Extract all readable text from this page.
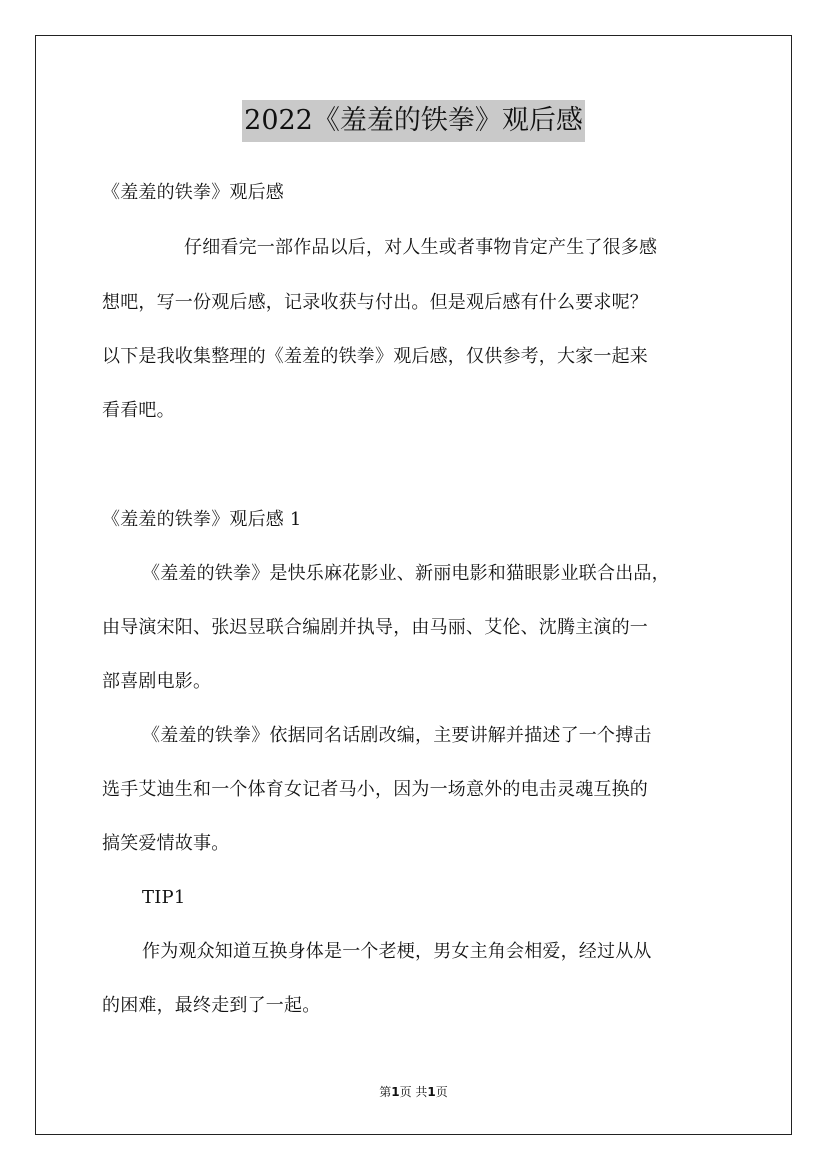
2022《羞羞的铁拳》观后感
《羞羞的铁拳》观后感
仔细看完一部作品以后，对人生或者事物肯定产生了很多感
想吧，写一份观后感，记录收获与付出。但是观后感有什么要求呢？
以下是我收集整理的《羞羞的铁拳》观后感，仅供参考，大家一起来
看看吧。
《羞羞的铁拳》观后感 1
《羞羞的铁拳》是快乐麻花影业、新丽电影和猫眼影业联合出品，
由导演宋阳、张迟昱联合编剧并执导，由马丽、艾伦、沈腾主演的一
部喜剧电影。
《羞羞的铁拳》依据同名话剧改编，主要讲解并描述了一个搏击
选手艾迪生和一个体育女记者马小，因为一场意外的电击灵魂互换的
搞笑爱情故事。
TIP1
作为观众知道互换身体是一个老梗，男女主角会相爱，经过从从
的困难，最终走到了一起。
第1页 共1页
